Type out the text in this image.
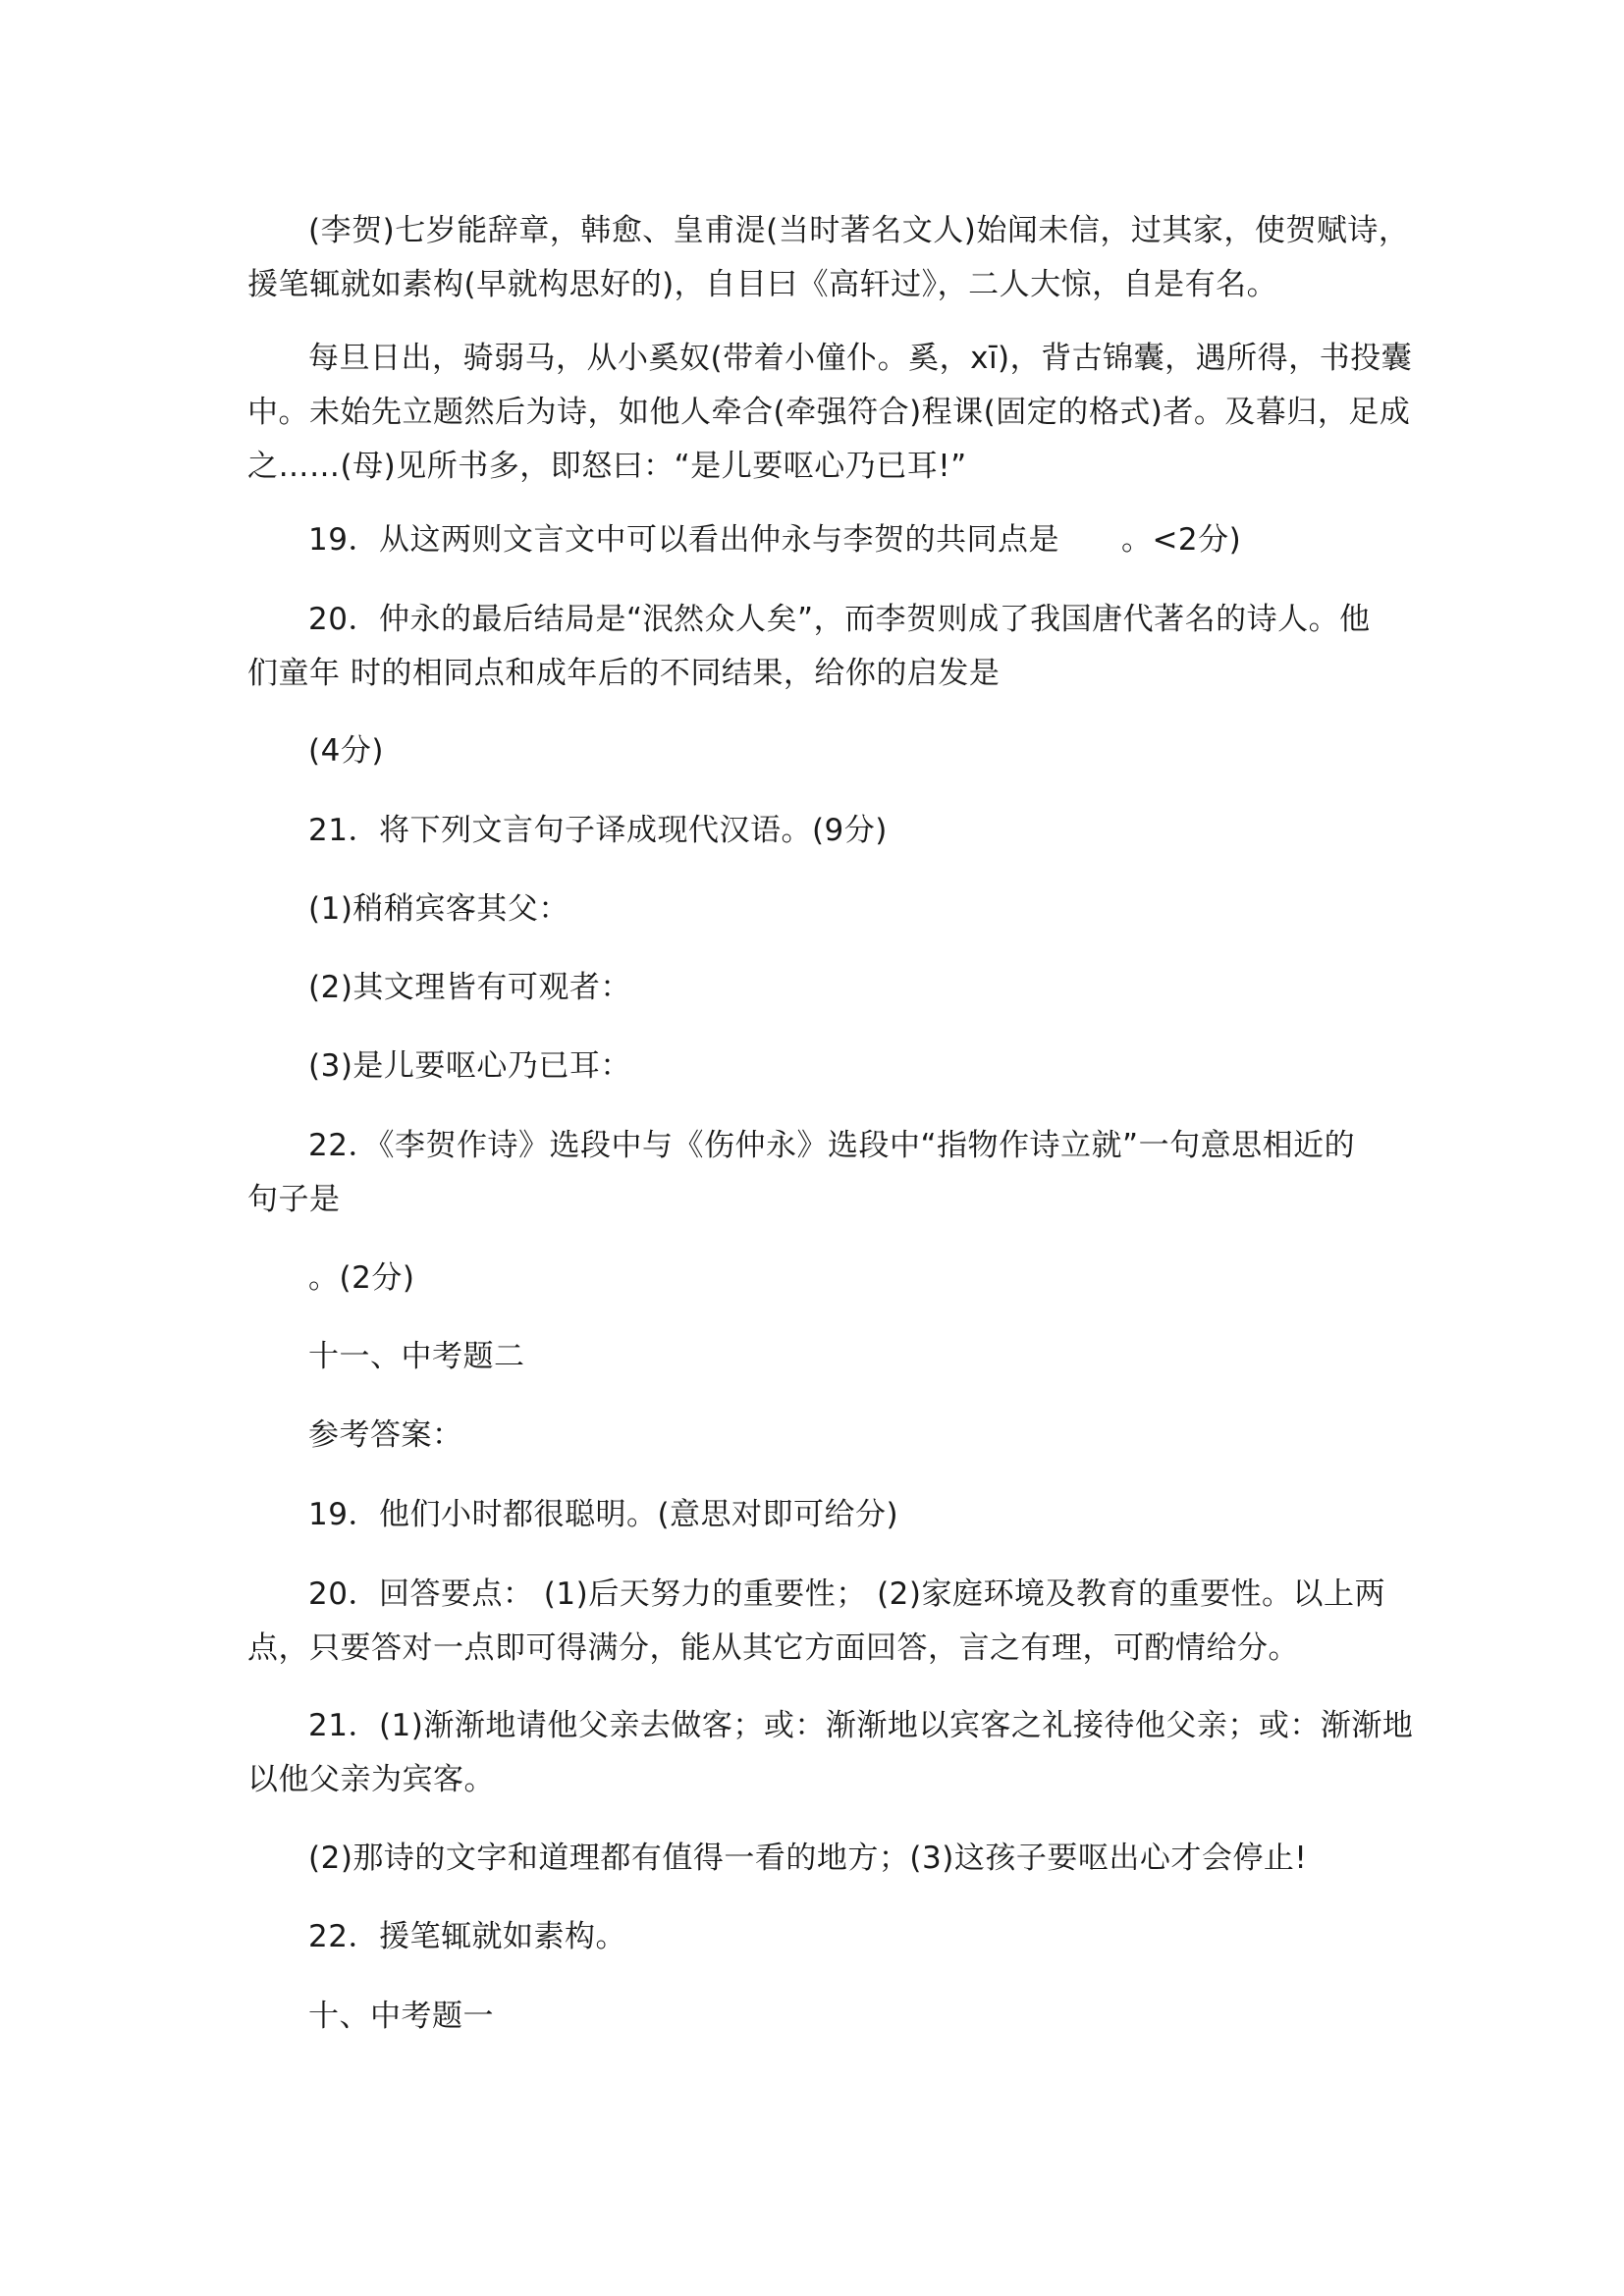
(李贺)七岁能辞章，韩愈、皇甫湜(当时著名文人)始闻未信，过其家，使贺赋诗，
援笔辄就如素构(早就构思好的)，自目曰《高轩过》，二人大惊，自是有名。

每旦日出，骑弱马，从小奚奴(带着小僮仆。奚，xī)，背古锦囊，遇所得，书投囊
中。未始先立题然后为诗，如他人牵合(牵强符合)程课(固定的格式)者。及暮归，足成
之……(母)见所书多，即怒曰：“是儿要呕心乃已耳!”

19．从这两则文言文中可以看出仲永与李贺的共同点是　　。<2分)

20．仲永的最后结局是“泯然众人矣”，而李贺则成了我国唐代著名的诗人。他
们童年 时的相同点和成年后的不同结果，给你的启发是

(4分)

21．将下列文言句子译成现代汉语。(9分)

(1)稍稍宾客其父：

(2)其文理皆有可观者：

(3)是儿要呕心乃已耳：

22．《李贺作诗》选段中与《伤仲永》选段中“指物作诗立就”一句意思相近的
句子是

。(2分)

十一、中考题二

参考答案：

19．他们小时都很聪明。(意思对即可给分)

20．回答要点： (1)后天努力的重要性； (2)家庭环境及教育的重要性。以上两
点，只要答对一点即可得满分，能从其它方面回答，言之有理，可酌情给分。

21．(1)渐渐地请他父亲去做客；或：渐渐地以宾客之礼接待他父亲；或：渐渐地
以他父亲为宾客。

(2)那诗的文字和道理都有值得一看的地方；(3)这孩子要呕出心才会停止!

22．援笔辄就如素构。

十、中考题一
